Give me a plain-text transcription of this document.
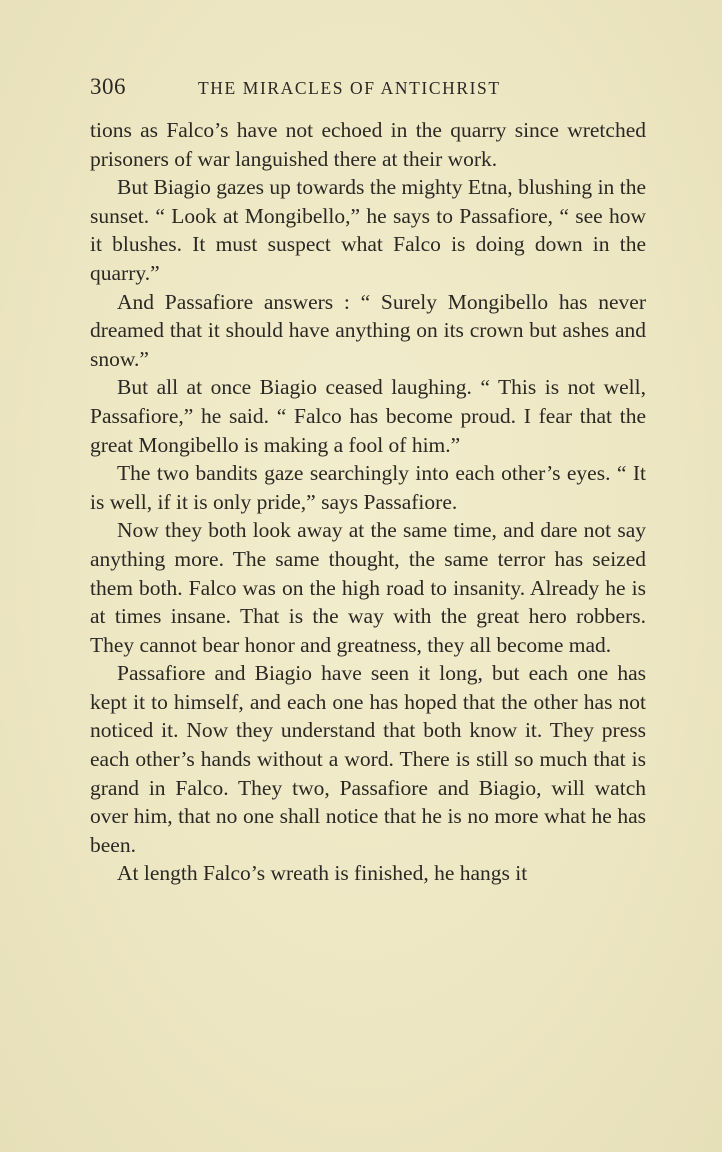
306	THE MIRACLES OF ANTICHRIST

tions as Falco’s have not echoed in the quarry since wretched prisoners of war languished there at their work.

But Biagio gazes up towards the mighty Etna, blushing in the sunset. “ Look at Mongibello,” he says to Passafiore, “ see how it blushes. It must suspect what Falco is doing down in the quarry.”

And Passafiore answers : “ Surely Mongibello has never dreamed that it should have anything on its crown but ashes and snow.”

But all at once Biagio ceased laughing. “ This is not well, Passafiore,” he said. “ Falco has become proud. I fear that the great Mongibello is making a fool of him.”

The two bandits gaze searchingly into each other’s eyes. “ It is well, if it is only pride,” says Passafiore.

Now they both look away at the same time, and dare not say anything more. The same thought, the same terror has seized them both. Falco was on the high road to insanity. Already he is at times insane. That is the way with the great hero robbers. They cannot bear honor and greatness, they all become mad.

Passafiore and Biagio have seen it long, but each one has kept it to himself, and each one has hoped that the other has not noticed it. Now they understand that both know it. They press each other’s hands without a word. There is still so much that is grand in Falco. They two, Passafiore and Biagio, will watch over him, that no one shall notice that he is no more what he has been.

At length Falco’s wreath is finished, he hangs it
